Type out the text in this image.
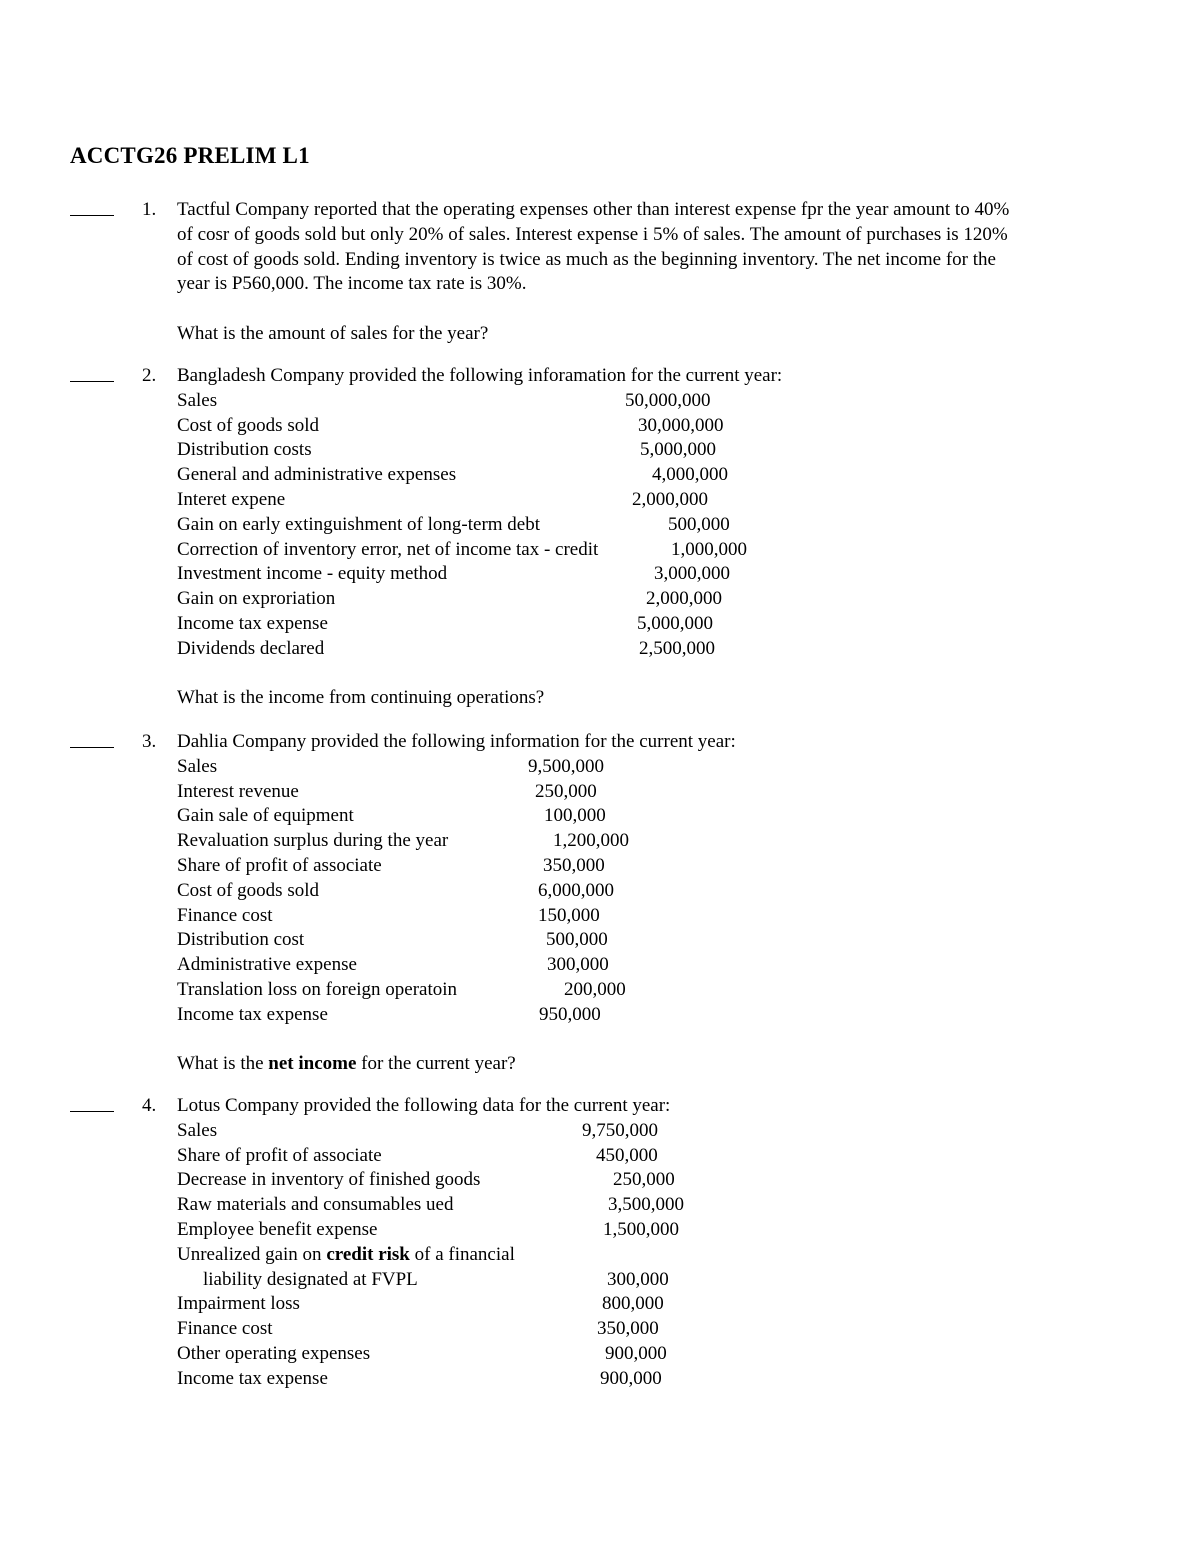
ACCTG26 PRELIM L1
1. Tactful Company reported that the operating expenses other than interest expense fpr the year amount to 40%

of cosr of goods sold but only 20% of sales. Interest expense i 5% of sales. The amount of purchases is 120%

of cost of goods sold. Ending inventory is twice as much as the beginning inventory. The net income for the

year is P560,000. The income tax rate is 30%.

What is the amount of sales for the year?

2. Bangladesh Company provided the following inforamation for the current year:

Sales	50,000,000
Cost of goods sold	30,000,000
Distribution costs	5,000,000
General and administrative expenses	4,000,000
Interet expene	2,000,000
Gain on early extinguishment of long-term debt	500,000
Correction of inventory error, net of income tax - credit	1,000,000
Investment income - equity method	3,000,000
Gain on exproriation	2,000,000
Income tax expense	5,000,000
Dividends declared	2,500,000

What is the income from continuing operations?

3. Dahlia Company provided the following information for the current year:

Sales	9,500,000
Interest revenue	250,000
Gain sale of equipment	100,000
Revaluation surplus during the year	1,200,000
Share of profit of associate	350,000
Cost of goods sold	6,000,000
Finance cost	150,000
Distribution cost	500,000
Administrative expense	300,000
Translation loss on foreign operatoin	200,000
Income tax expense	950,000

What is the net income for the current year?

4. Lotus Company provided the following data for the current year:

Sales	9,750,000
Share of profit of associate	450,000
Decrease in inventory of finished goods	250,000
Raw materials and consumables ued	3,500,000
Employee benefit expense	1,500,000
Unrealized gain on credit risk of a financial
liability designated at FVPL	300,000
Impairment loss	800,000
Finance cost	350,000
Other operating expenses	900,000
Income tax expense	900,000
